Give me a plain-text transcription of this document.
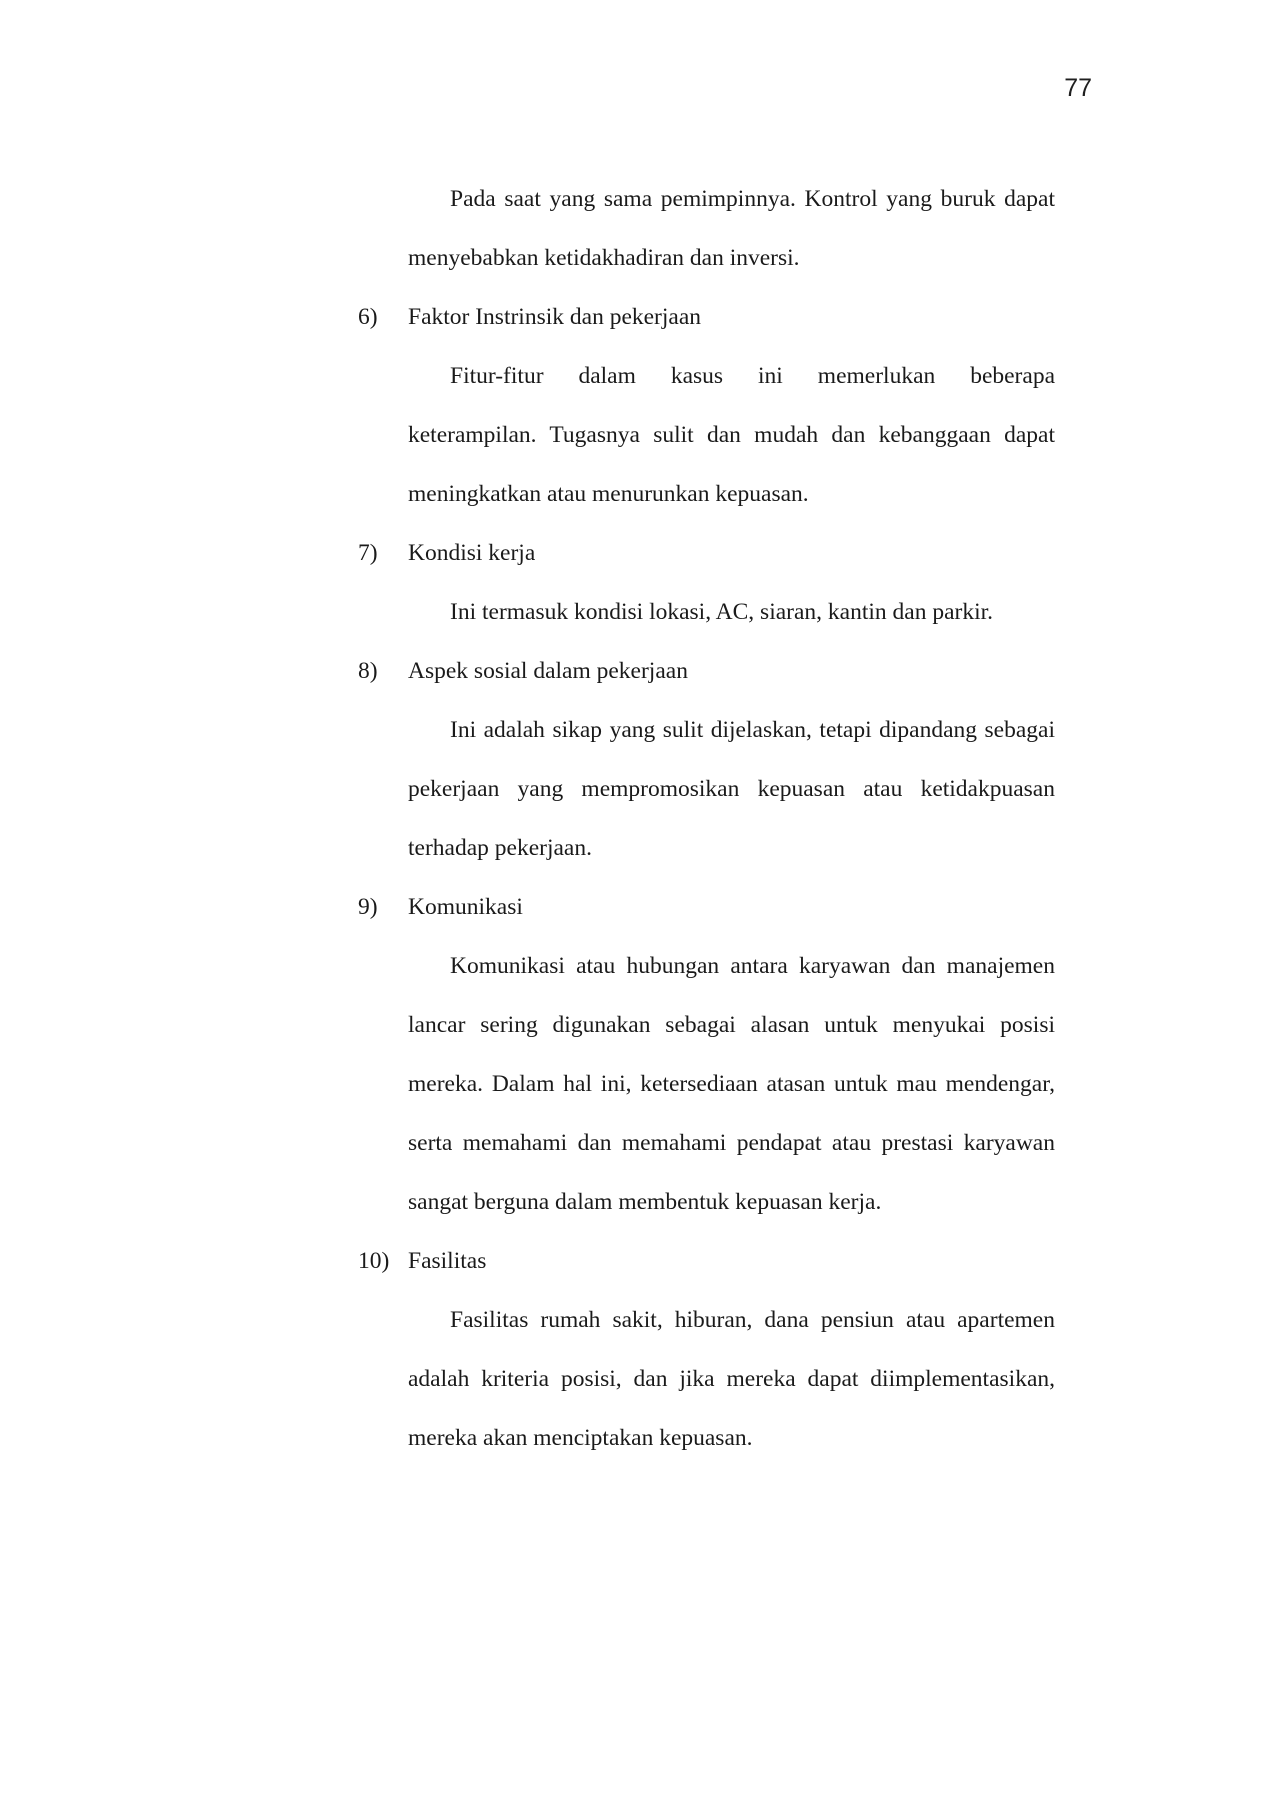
77
Pada saat yang sama pemimpinnya. Kontrol yang buruk dapat
menyebabkan ketidakhadiran dan inversi.
6)	Faktor Instrinsik dan pekerjaan
Fitur-fitur dalam kasus ini memerlukan beberapa
keterampilan. Tugasnya sulit dan mudah dan kebanggaan dapat
meningkatkan atau menurunkan kepuasan.
7)	Kondisi kerja
Ini termasuk kondisi lokasi, AC, siaran, kantin dan parkir.
8)	Aspek sosial dalam pekerjaan
Ini adalah sikap yang sulit dijelaskan, tetapi dipandang sebagai
pekerjaan yang mempromosikan kepuasan atau ketidakpuasan
terhadap pekerjaan.
9)	Komunikasi
Komunikasi atau hubungan antara karyawan dan manajemen
lancar sering digunakan sebagai alasan untuk menyukai posisi
mereka. Dalam hal ini, ketersediaan atasan untuk mau mendengar,
serta memahami dan memahami pendapat atau prestasi karyawan
sangat berguna dalam membentuk kepuasan kerja.
10) Fasilitas
Fasilitas rumah sakit, hiburan, dana pensiun atau apartemen
adalah kriteria posisi, dan jika mereka dapat diimplementasikan,
mereka akan menciptakan kepuasan.
